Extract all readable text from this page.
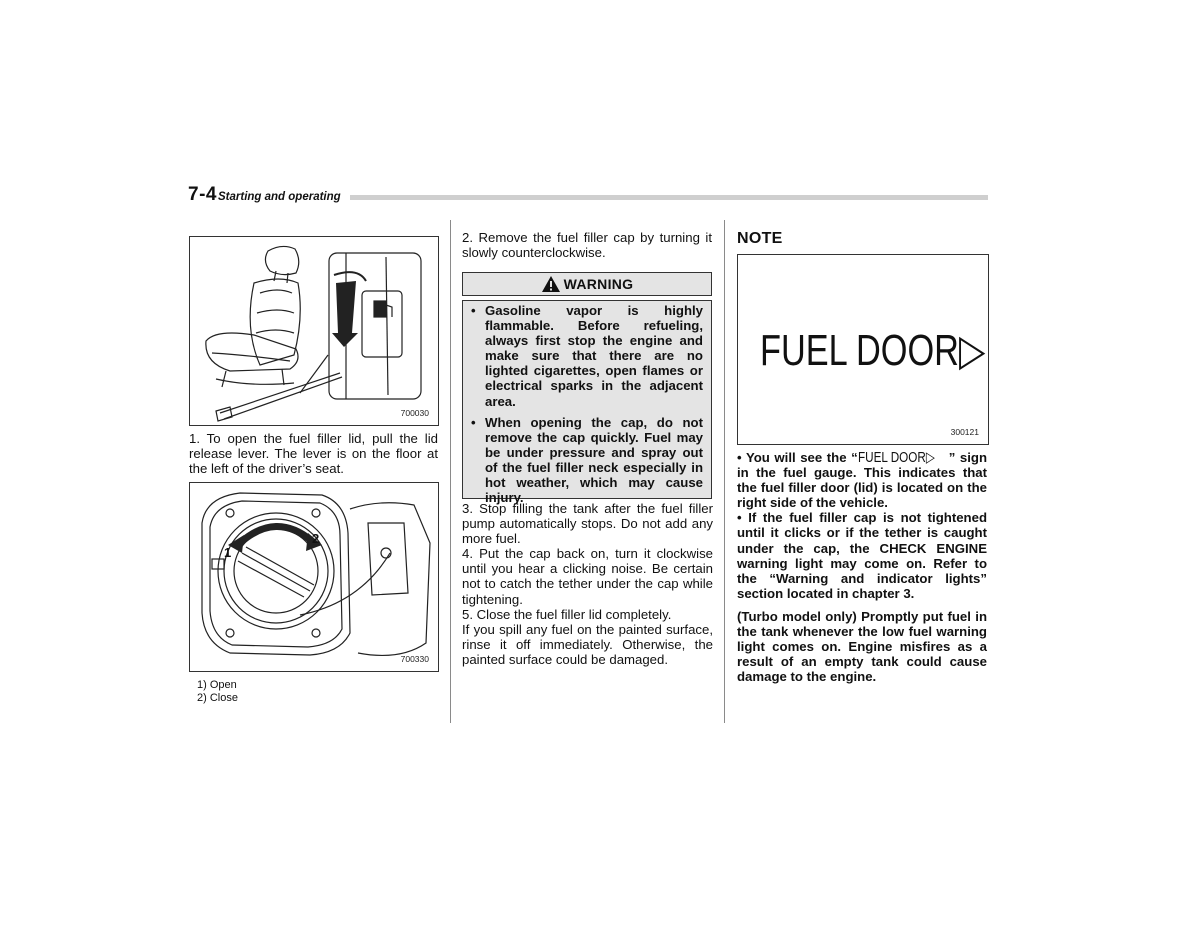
7-4 Starting and operating
700030

1. To open the fuel filler lid, pull the lid release lever. The lever is on the floor at the left of the driver’s seat.

1
2
700330
1) Open
2) Close

2. Remove the fuel filler cap by turning it slowly counterclockwise.

WARNING
• Gasoline vapor is highly flammable. Before refueling, always first stop the engine and make sure that there are no lighted cigarettes, open flames or electrical sparks in the adjacent area.
• When opening the cap, do not remove the cap quickly. Fuel may be under pressure and spray out of the fuel filler neck especially in hot weather, which may cause injury.

3. Stop filling the tank after the fuel filler pump automatically stops. Do not add any more fuel.

4. Put the cap back on, turn it clockwise until you hear a clicking noise. Be certain not to catch the tether under the cap while tightening.

5. Close the fuel filler lid completely.

If you spill any fuel on the painted surface, rinse it off immediately. Otherwise, the painted surface could be damaged.

NOTE
FUEL DOOR▷
300121

• You will see the “FUEL DOOR▷ ” sign in the fuel gauge. This indicates that the fuel filler door (lid) is located on the right side of the vehicle.

• If the fuel filler cap is not tightened until it clicks or if the tether is caught under the cap, the CHECK ENGINE warning light may come on. Refer to the “Warning and indicator lights” section located in chapter 3.

(Turbo model only) Promptly put fuel in the tank whenever the low fuel warning light comes on. Engine misfires as a result of an empty tank could cause damage to the engine.
